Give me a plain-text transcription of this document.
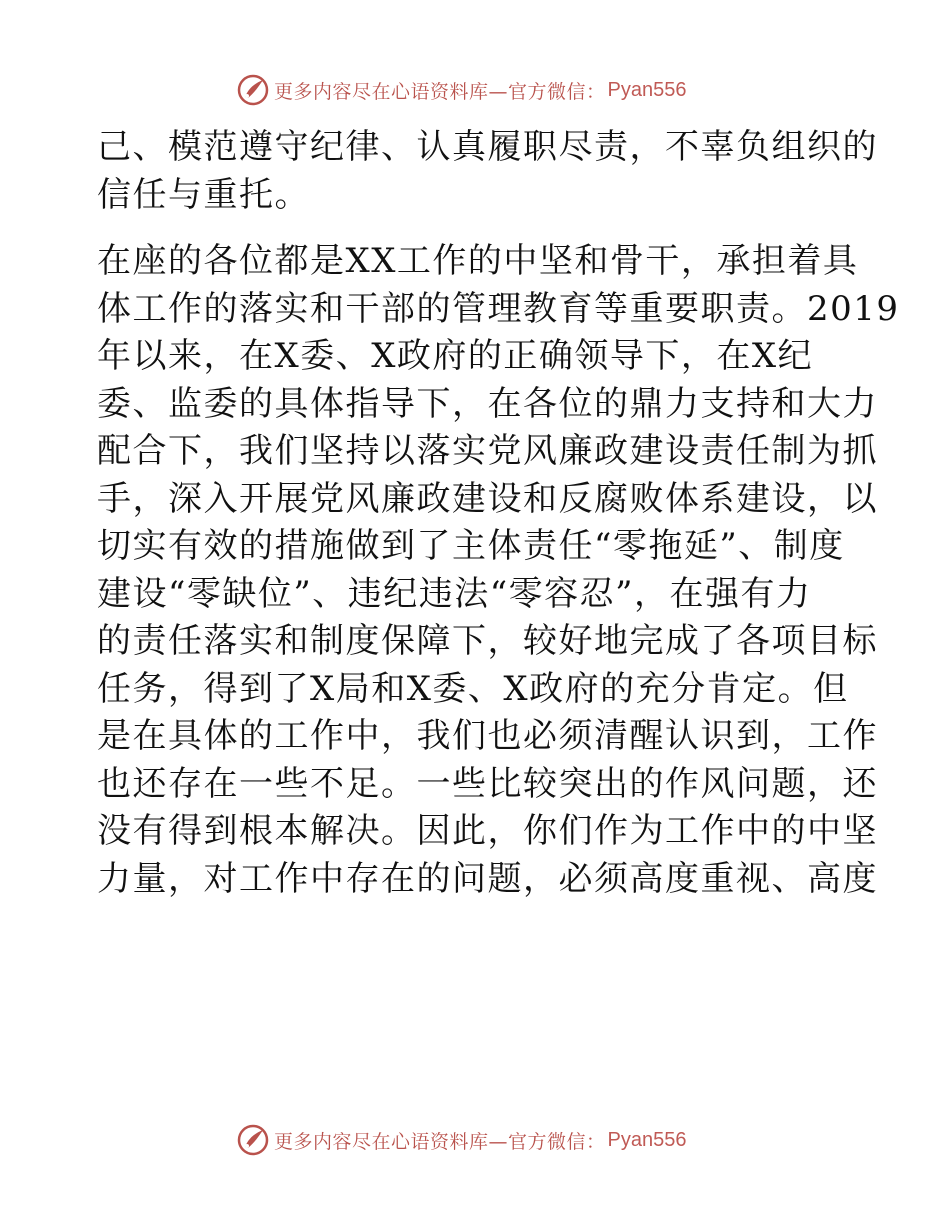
更多内容尽在心语资料库—官方微信： Pyan556

己、模范遵守纪律、认真履职尽责，不辜负组织的
信任与重托。

在座的各位都是XX工作的中坚和骨干，承担着具
体工作的落实和干部的管理教育等重要职责。2019
年以来，在X委、X政府的正确领导下，在X纪
委、监委的具体指导下，在各位的鼎力支持和大力
配合下，我们坚持以落实党风廉政建设责任制为抓
手，深入开展党风廉政建设和反腐败体系建设，以
切实有效的措施做到了主体责任“零拖延”、制度
建设“零缺位”、违纪违法“零容忍”，在强有力
的责任落实和制度保障下，较好地完成了各项目标
任务，得到了X局和X委、X政府的充分肯定。但
是在具体的工作中，我们也必须清醒认识到，工作
也还存在一些不足。一些比较突出的作风问题，还
没有得到根本解决。因此，你们作为工作中的中坚
力量，对工作中存在的问题，必须高度重视、高度

更多内容尽在心语资料库—官方微信： Pyan556
